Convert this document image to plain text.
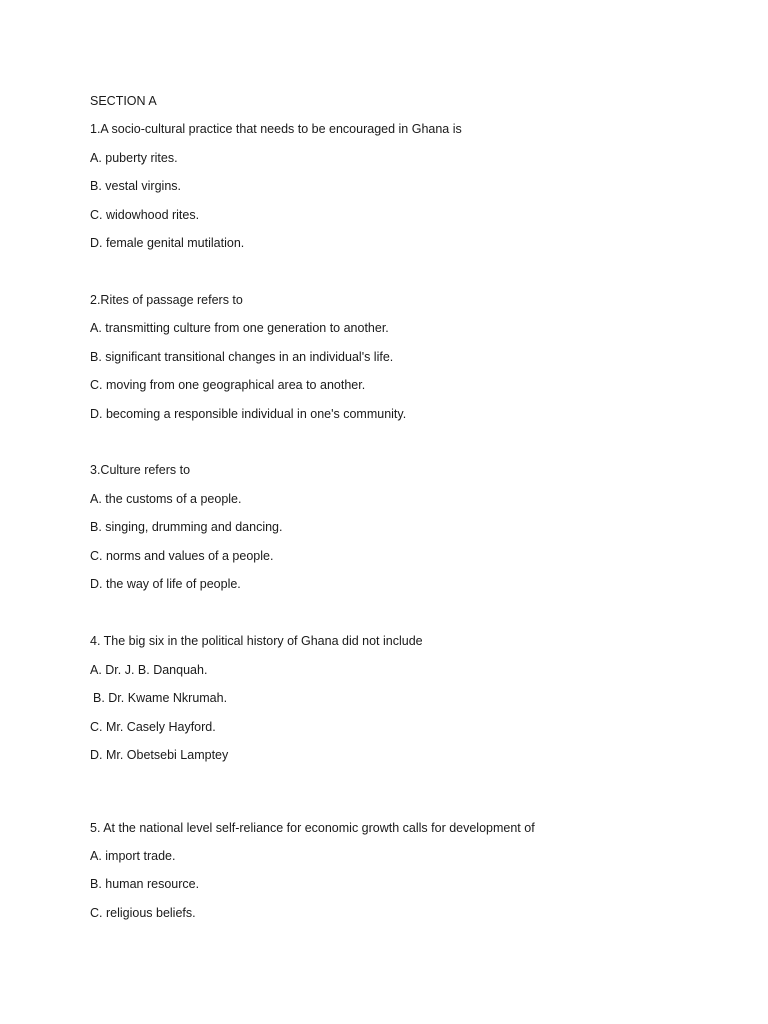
SECTION A
1.A socio-cultural practice that needs to be encouraged in Ghana is
A. puberty rites.
B. vestal virgins.
C. widowhood rites.
D. female genital mutilation.
2.Rites of passage refers to
A. transmitting culture from one generation to another.
B. significant transitional changes in an individual's life.
C. moving from one geographical area to another.
D. becoming a responsible individual in one's community.
3.Culture refers to
A. the customs of a people.
B. singing, drumming and dancing.
C. norms and values of a people.
D. the way of life of people.
4. The big six in the political history of Ghana did not include
A. Dr. J. B. Danquah.
B. Dr. Kwame Nkrumah.
C. Mr. Casely Hayford.
D. Mr. Obetsebi Lamptey
5. At the national level self-reliance for economic growth calls for development of
A. import trade.
B. human resource.
C. religious beliefs.
